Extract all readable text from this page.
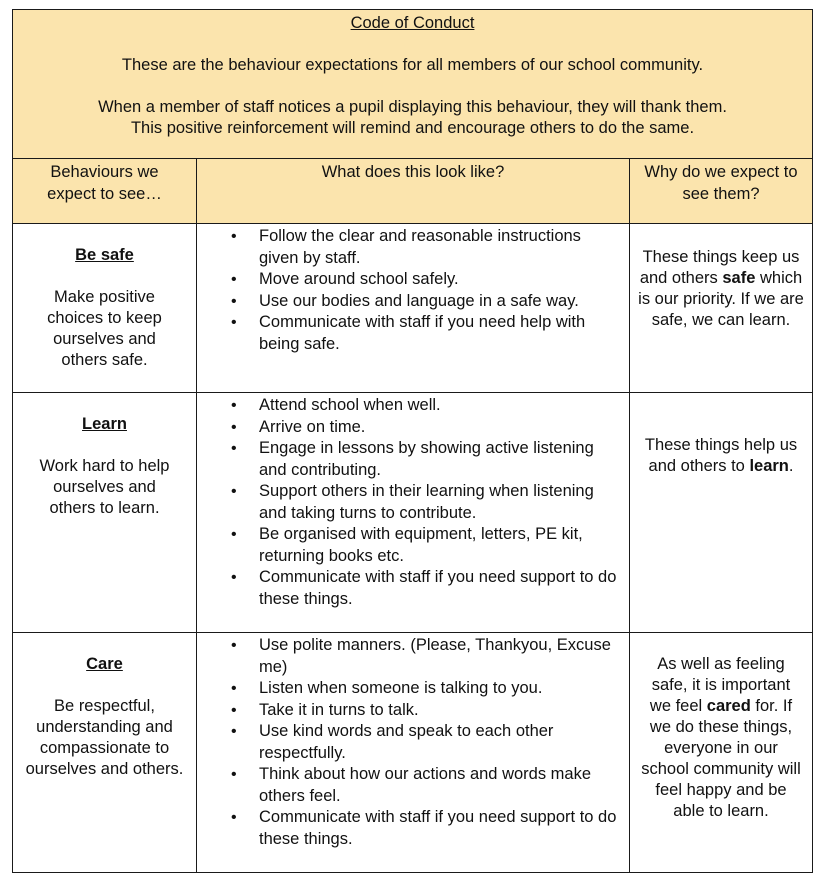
Code of Conduct

These are the behaviour expectations for all members of our school community.

When a member of staff notices a pupil displaying this behaviour, they will thank them.

This positive reinforcement will remind and encourage others to do the same.

Behaviours we expect to see…
What does this look like?	Why do we expect to see them?
Be safe
Make positive choices to keep ourselves and others safe.
• Follow the clear and reasonable instructions given by staff.
• Move around school safely.
• Use our bodies and language in a safe way.
• Communicate with staff if you need help with being safe.
These things keep us and others safe which is our priority. If we are safe, we can learn.
Learn
Work hard to help ourselves and others to learn.
• Attend school when well.
• Arrive on time.
• Engage in lessons by showing active listening and contributing.
• Support others in their learning when listening and taking turns to contribute.
• Be organised with equipment, letters, PE kit, returning books etc.
• Communicate with staff if you need support to do these things.
These things help us and others to learn.
Care
Be respectful, understanding and compassionate to ourselves and others.
• Use polite manners. (Please, Thankyou, Excuse me)
• Listen when someone is talking to you.
• Take it in turns to talk.
• Use kind words and speak to each other respectfully.
• Think about how our actions and words make others feel.
• Communicate with staff if you need support to do these things.
As well as feeling safe, it is important we feel cared for. If we do these things, everyone in our school community will feel happy and be able to learn.
